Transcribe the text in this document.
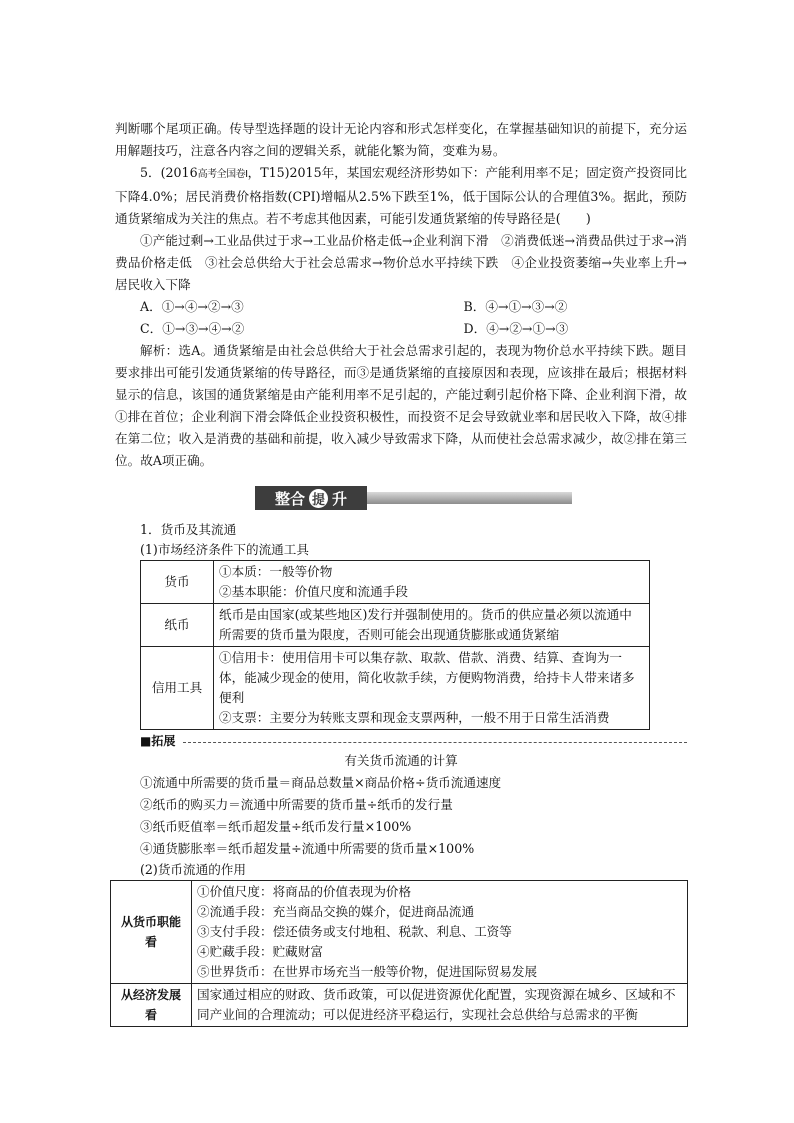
判断哪个尾项正确。传导型选择题的设计无论内容和形式怎样变化，在掌握基础知识的前提下，充分运用解题技巧，注意各内容之间的逻辑关系，就能化繁为简，变难为易。

5．(2016高考全国卷Ⅰ，T15)2015年，某国宏观经济形势如下：产能利用率不足；固定资产投资同比下降4.0%；居民消费价格指数(CPI)增幅从2.5%下跌至1%，低于国际公认的合理值3%。据此，预防通货紧缩成为关注的焦点。若不考虑其他因素，可能引发通货紧缩的传导路径是(　　)

①产能过剩→工业品供过于求→工业品价格走低→企业利润下滑　②消费低迷→消费品供过于求→消费品价格走低　③社会总供给大于社会总需求→物价总水平持续下跌　④企业投资萎缩→失业率上升→居民收入下降

A．①→④→②→③	B．④→①→③→②
C．①→③→④→②	D．④→②→①→③

解析：选A。通货紧缩是由社会总供给大于社会总需求引起的，表现为物价总水平持续下跌。题目要求排出可能引发通货紧缩的传导路径，而③是通货紧缩的直接原因和表现，应该排在最后；根据材料显示的信息，该国的通货紧缩是由产能利用率不足引起的，产能过剩引起价格下降、企业利润下滑，故①排在首位；企业利润下滑会降低企业投资积极性，而投资不足会导致就业率和居民收入下降，故④排在第二位；收入是消费的基础和前提，收入减少导致需求下降，从而使社会总需求减少，故②排在第三位。故A项正确。

整合 提 升
1．货币及其流通
(1)市场经济条件下的流通工具
货币	①本质：一般等价物
②基本职能：价值尺度和流通手段

纸币	纸币是由国家(或某些地区)发行并强制使用的。货币的供应量必须以流通中所需要的货币量为限度，否则可能会出现通货膨胀或通货紧缩

信用工具	①信用卡：使用信用卡可以集存款、取款、借款、消费、结算、查询为一体，能减少现金的使用，简化收款手续，方便购物消费，给持卡人带来诸多便利
②支票：主要分为转账支票和现金支票两种，一般不用于日常生活消费
■拓展
有关货币流通的计算
①流通中所需要的货币量＝商品总数量×商品价格÷货币流通速度
②纸币的购买力＝流通中所需要的货币量÷纸币的发行量
③纸币贬值率＝纸币超发量÷纸币发行量×100%
④通货膨胀率＝纸币超发量÷流通中所需要的货币量×100%
(2)货币流通的作用
从货币职能看	①价值尺度：将商品的价值表现为价格
②流通手段：充当商品交换的媒介，促进商品流通
③支付手段：偿还债务或支付地租、税款、利息、工资等
④贮藏手段：贮藏财富
⑤世界货币：在世界市场充当一般等价物，促进国际贸易发展

从经济发展看	国家通过相应的财政、货币政策，可以促进资源优化配置，实现资源在城乡、区域和不同产业间的合理流动；可以促进经济平稳运行，实现社会总供给与总需求的平衡
